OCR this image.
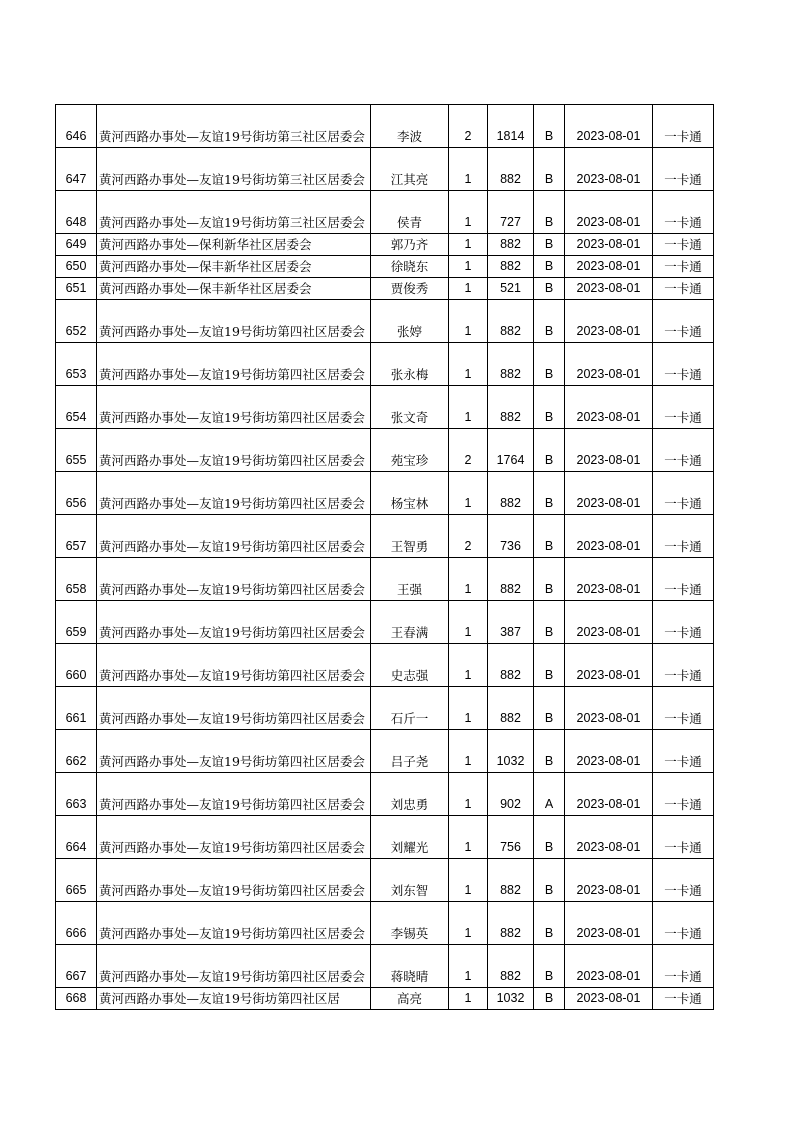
646	黄河西路办事处—友谊19号街坊第三社区居委会	李波	2	1814	B	2023-08-01	一卡通
647	黄河西路办事处—友谊19号街坊第三社区居委会	江其亮	1	882	B	2023-08-01	一卡通
648	黄河西路办事处—友谊19号街坊第三社区居委会	侯青	1	727	B	2023-08-01	一卡通
649	黄河西路办事处—保利新华社区居委会	郭乃齐	1	882	B	2023-08-01	一卡通
650	黄河西路办事处—保丰新华社区居委会	徐晓东	1	882	B	2023-08-01	一卡通
651	黄河西路办事处—保丰新华社区居委会	贾俊秀	1	521	B	2023-08-01	一卡通
652	黄河西路办事处—友谊19号街坊第四社区居委会	张婷	1	882	B	2023-08-01	一卡通
653	黄河西路办事处—友谊19号街坊第四社区居委会	张永梅	1	882	B	2023-08-01	一卡通
654	黄河西路办事处—友谊19号街坊第四社区居委会	张文奇	1	882	B	2023-08-01	一卡通
655	黄河西路办事处—友谊19号街坊第四社区居委会	苑宝珍	2	1764	B	2023-08-01	一卡通
656	黄河西路办事处—友谊19号街坊第四社区居委会	杨宝林	1	882	B	2023-08-01	一卡通
657	黄河西路办事处—友谊19号街坊第四社区居委会	王智勇	2	736	B	2023-08-01	一卡通
658	黄河西路办事处—友谊19号街坊第四社区居委会	王强	1	882	B	2023-08-01	一卡通
659	黄河西路办事处—友谊19号街坊第四社区居委会	王春满	1	387	B	2023-08-01	一卡通
660	黄河西路办事处—友谊19号街坊第四社区居委会	史志强	1	882	B	2023-08-01	一卡通
661	黄河西路办事处—友谊19号街坊第四社区居委会	石斤一	1	882	B	2023-08-01	一卡通
662	黄河西路办事处—友谊19号街坊第四社区居委会	吕子尧	1	1032	B	2023-08-01	一卡通
663	黄河西路办事处—友谊19号街坊第四社区居委会	刘忠勇	1	902	A	2023-08-01	一卡通
664	黄河西路办事处—友谊19号街坊第四社区居委会	刘耀光	1	756	B	2023-08-01	一卡通
665	黄河西路办事处—友谊19号街坊第四社区居委会	刘东智	1	882	B	2023-08-01	一卡通
666	黄河西路办事处—友谊19号街坊第四社区居委会	李锡英	1	882	B	2023-08-01	一卡通
667	黄河西路办事处—友谊19号街坊第四社区居委会	蒋晓晴	1	882	B	2023-08-01	一卡通
668	黄河西路办事处—友谊19号街坊第四社区居	高亮	1	1032	B	2023-08-01	一卡通
